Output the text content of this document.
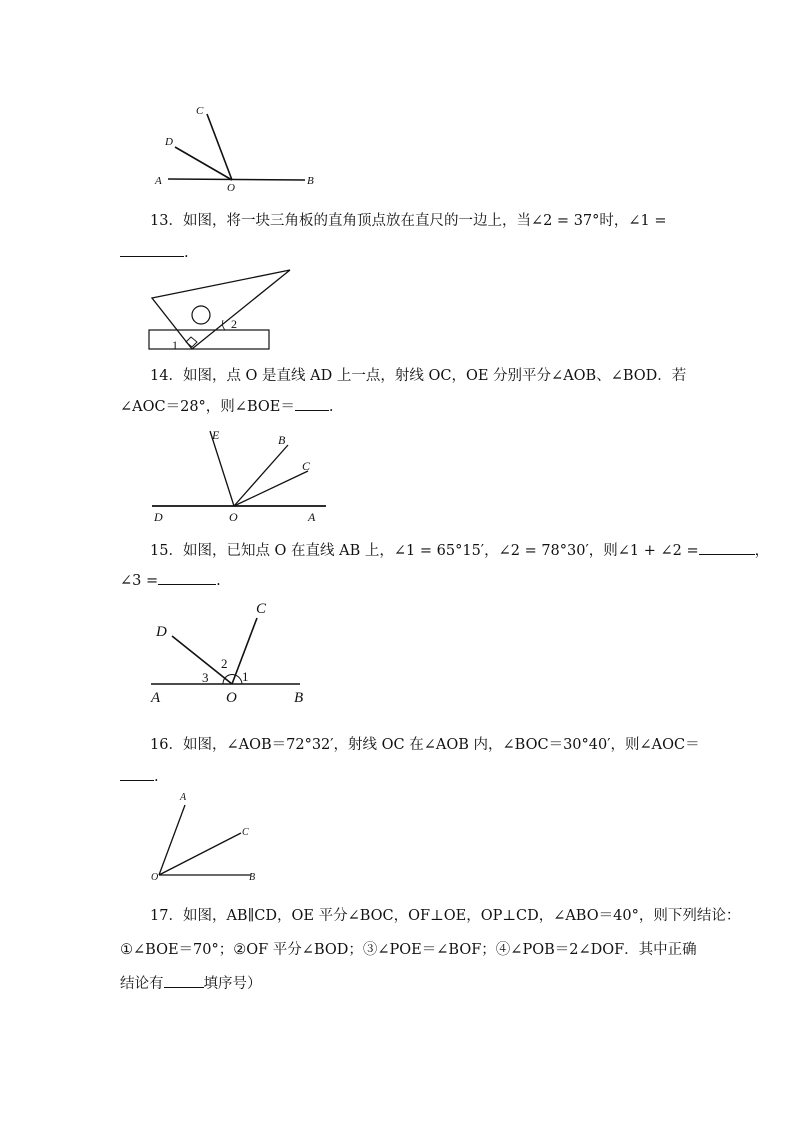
C
D
A
O
B
13．如图，将一块三角板的直角顶点放在直尺的一边上，当∠2 = 37°时，∠1 =
.
2
1
14．如图，点 O 是直线 AD 上一点，射线 OC，OE 分别平分∠AOB、∠BOD．若
∠AOC＝28°，则∠BOE＝ .
E	B
C
D	O	A
15．如图，已知点 O 在直线 AB 上，∠1 = 65°15′，∠2 = 78°30′，则∠1 + ∠2 =	，
∠3 =	.
C
D
A	O	B
1
2
3
16．如图，∠AOB＝72°32′，射线 OC 在∠AOB 内，∠BOC＝30°40′，则∠AOC＝
.
A
C
O	B
17．如图，AB∥CD，OE 平分∠BOC，OF⊥OE，OP⊥CD，∠ABO＝40°，则下列结论：
①∠BOE＝70°；②OF 平分∠BOD；③∠POE＝∠BOF；④∠POB＝2∠DOF．其中正确
结论有	填序号）
